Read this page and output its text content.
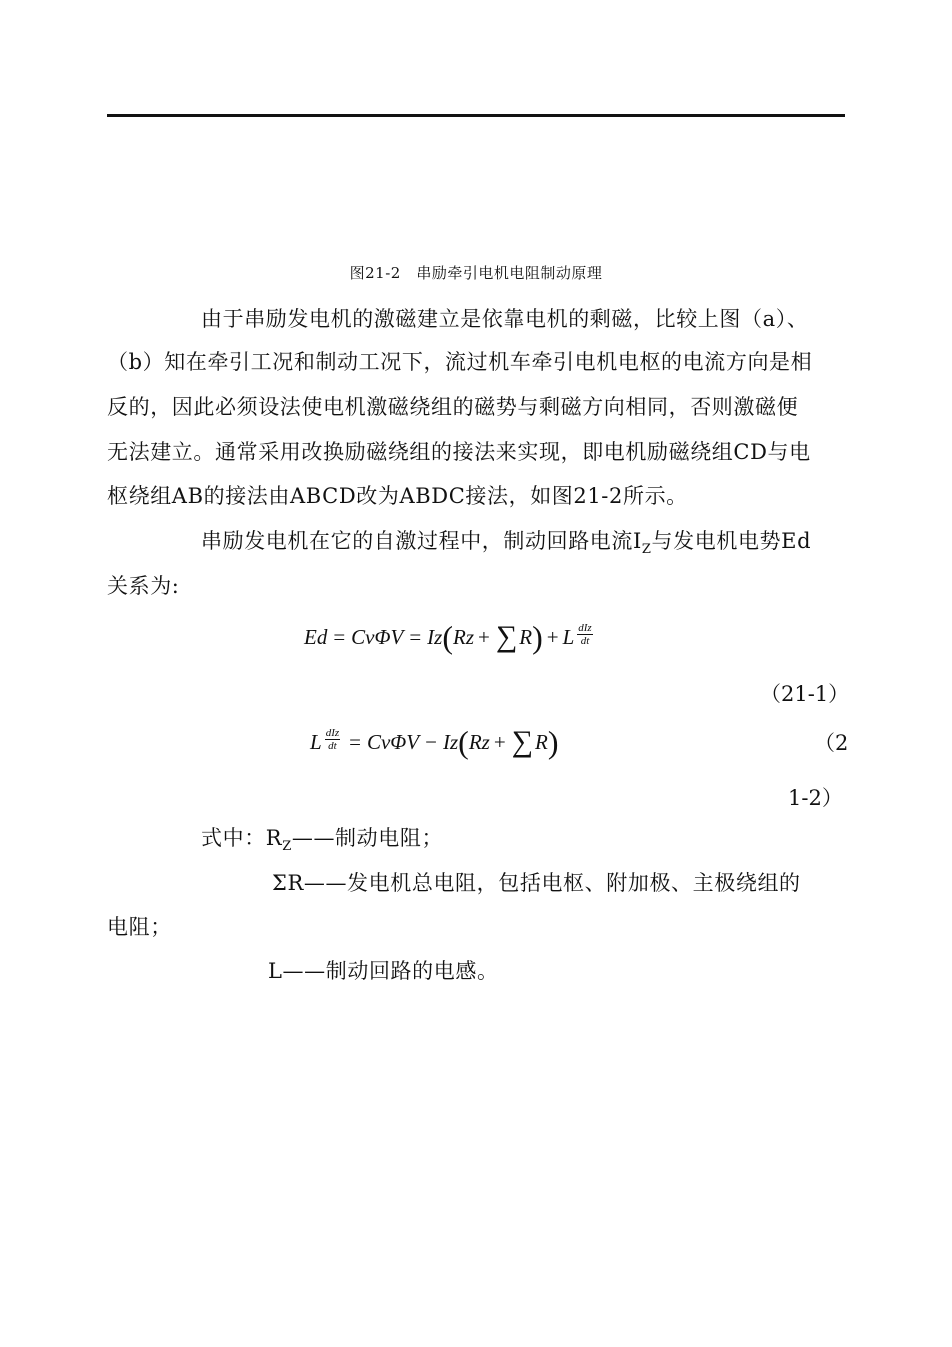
图21-2　串励牵引电机电阻制动原理
由于串励发电机的激磁建立是依靠电机的剩磁，比较上图（a）、
（b）知在牵引工况和制动工况下，流过机车牵引电机电枢的电流方向是相
反的，因此必须设法使电机激磁绕组的磁势与剩磁方向相同，否则激磁便
无法建立。通常采用改换励磁绕组的接法来实现，即电机励磁绕组CD与电
枢绕组AB的接法由ABCD改为ABDC接法，如图21-2所示。
串励发电机在它的自激过程中，制动回路电流$I_Z$与发电机电势Ed
关系为:
Ed = CvΦV = Iz ( Rz + ∑ R ) + L $\frac{\text{dIz}}{dt}$
（21-1）
L $\frac{\text{dIz}}{dt} = Cv\Phi V - Iz$ ( Rz + ∑ R )	（2
1-2）
式中：$R_Z——$制动电阻；
ΣR——发电机总电阻，包括电枢、附加极、主极绕组的
电阻；
L——制动回路的电感。
